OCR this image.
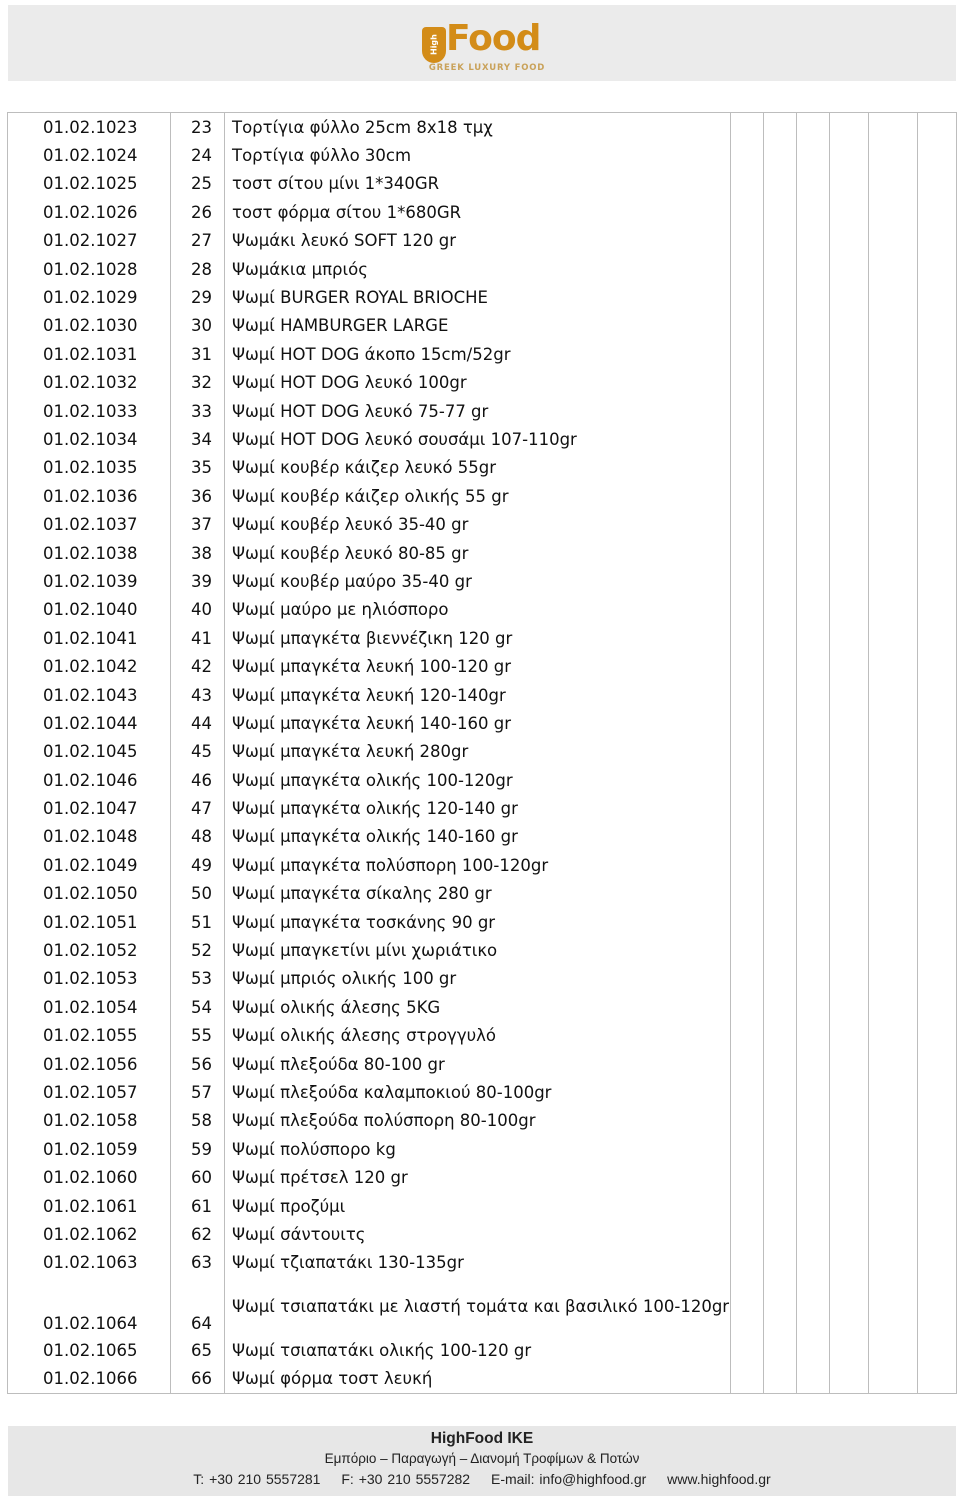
High Food
GREEK LUXURY FOOD
01.02.1023	23	Τορτίγια φύλλο 25cm 8x18 τμχ						
01.02.1024	24	Τορτίγια φύλλο 30cm						
01.02.1025	25	τοστ σίτου μίνι 1*340GR						
01.02.1026	26	τοστ φόρμα σίτου 1*680GR						
01.02.1027	27	Ψωμάκι λευκό SOFT 120 gr						
01.02.1028	28	Ψωμάκια μπριός						
01.02.1029	29	Ψωμί BURGER ROYAL BRIOCHE						
01.02.1030	30	Ψωμί HAMBURGER LARGE						
01.02.1031	31	Ψωμί HOT DOG άκοπο 15cm/52gr						
01.02.1032	32	Ψωμί HOT DOG λευκό 100gr						
01.02.1033	33	Ψωμί HOT DOG λευκό 75-77 gr						
01.02.1034	34	Ψωμί HOT DOG λευκό σουσάμι 107-110gr						
01.02.1035	35	Ψωμί κουβέρ κάιζερ λευκό 55gr						
01.02.1036	36	Ψωμί κουβέρ κάιζερ ολικής 55 gr						
01.02.1037	37	Ψωμί κουβέρ λευκό 35-40 gr						
01.02.1038	38	Ψωμί κουβέρ λευκό 80-85 gr						
01.02.1039	39	Ψωμί κουβέρ μαύρο 35-40 gr						
01.02.1040	40	Ψωμί μαύρο με ηλιόσπορο						
01.02.1041	41	Ψωμί μπαγκέτα βιεννέζικη 120 gr						
01.02.1042	42	Ψωμί μπαγκέτα λευκή 100-120 gr						
01.02.1043	43	Ψωμί μπαγκέτα λευκή 120-140gr						
01.02.1044	44	Ψωμί μπαγκέτα λευκή 140-160 gr						
01.02.1045	45	Ψωμί μπαγκέτα λευκή 280gr						
01.02.1046	46	Ψωμί μπαγκέτα ολικής 100-120gr						
01.02.1047	47	Ψωμί μπαγκέτα ολικής 120-140 gr						
01.02.1048	48	Ψωμί μπαγκέτα ολικής 140-160 gr						
01.02.1049	49	Ψωμί μπαγκέτα πολύσπορη 100-120gr						
01.02.1050	50	Ψωμί μπαγκέτα σίκαλης 280 gr						
01.02.1051	51	Ψωμί μπαγκέτα τοσκάνης 90 gr						
01.02.1052	52	Ψωμί μπαγκετίνι μίνι χωριάτικο						
01.02.1053	53	Ψωμί μπριός ολικής 100 gr						
01.02.1054	54	Ψωμί ολικής άλεσης 5KG						
01.02.1055	55	Ψωμί ολικής άλεσης στρογγυλό						
01.02.1056	56	Ψωμί πλεξούδα 80-100 gr						
01.02.1057	57	Ψωμί πλεξούδα καλαμποκιού 80-100gr						
01.02.1058	58	Ψωμί πλεξούδα πολύσπορη 80-100gr						
01.02.1059	59	Ψωμί πολύσπορο kg						
01.02.1060	60	Ψωμί πρέτσελ 120 gr						
01.02.1061	61	Ψωμί προζύμι						
01.02.1062	62	Ψωμί σάντουιτς						
01.02.1063	63	Ψωμί τζιαπατάκι 130-135gr						
01.02.1064	64	Ψωμί τσιαπατάκι με λιαστή τομάτα και βασιλικό 100-120gr						
01.02.1065	65	Ψωμί τσιαπατάκι ολικής 100-120 gr						
01.02.1066	66	Ψωμί φόρμα τοστ λευκή						
HighFood IKE
Εμπόριο – Παραγωγή – Διανομή Τροφίμων & Ποτών
T: +30 210 5557281 F: +30 210 5557282 E-mail: info@highfood.gr www.highfood.gr
